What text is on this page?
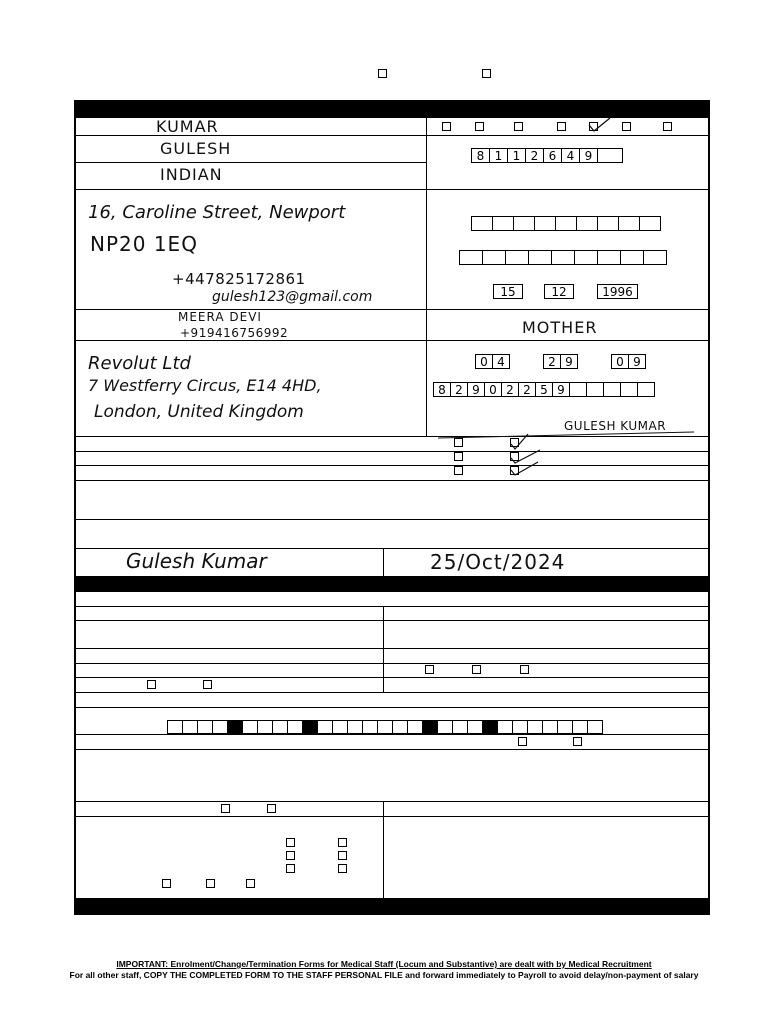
KUMAR
GULESH
INDIAN
8 1 1 2 6 4 9
16, Caroline Street, Newport
NP20 1EQ
+447825172861
gulesh123@gmail.com	15	12	1996
MEERA DEVI
+919416756992	MOTHER
Revolut Ltd
7 Westferry Circus, E14 4HD,
London, United Kingdom
0 4	2 9	0 9
8 2 9 0 2 2 5 9
GULESH KUMAR
Gulesh Kumar	25/Oct/2024
IMPORTANT: Enrolment/Change/Termination Forms for Medical Staff (Locum and Substantive) are dealt with by Medical Recruitment
For all other staff, COPY THE COMPLETED FORM TO THE STAFF PERSONAL FILE and forward immediately to Payroll to avoid delay/non-payment of salary
